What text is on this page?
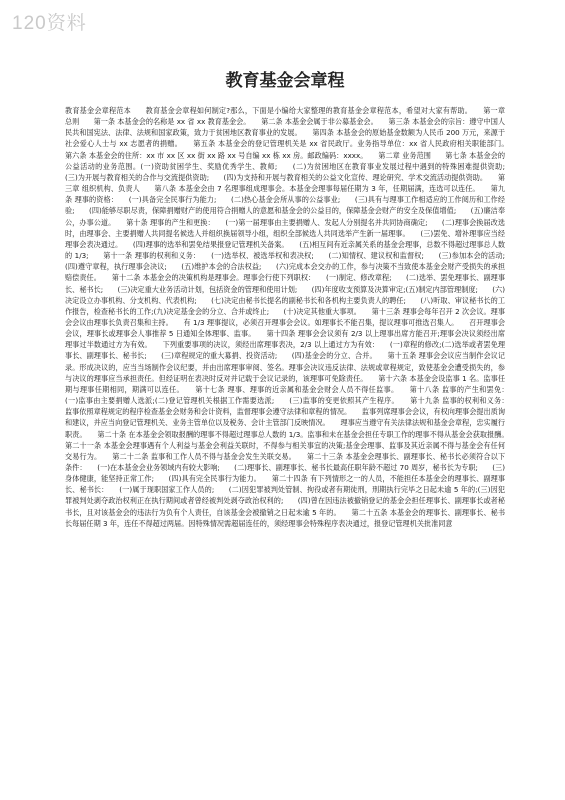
120资料
教育基金会章程

教育基金会章程范本　　教育基金会章程如何制定?那么，下面是小编给大家整理的教育基金会章程范本，希望对大家有帮助。　　第一章　总则　　第一条 本基金会的名称是 xx 省 xx 教育基金会。　　第二条 本基金会属于非公募基金会。　　第三条 本基金会的宗旨：遵守中国人民共和国宪法、法律、法规和国家政策，致力于贫困地区教育事业的发展。　　第四条 本基金会的原始基金数额为人民币 200 万元，来源于社会爱心人士与 xx 志愿者的捐赠。　　第五条 本基金会的登记管理机关是 xx 省民政厅。业务指导单位：xx 省人民政府相关职能部门。　　第六条 本基金会的住所：xx 市 xx 区 xx 街 xx 路 xx 号自编 xx 栋 xx 房。邮政编码：xxxx。　　第二章 业务范围　　第七条 本基金会的公益活动的业务范围。(一)资助贫困学生、奖励优秀学生、教师;　　(二)为贫困地区在教育事业发展过程中遇到的特殊困难提供资助;　　(三)为开展与教育相关的合作与交流提供资助;　　(四)为支持和开展与教育相关的公益文化宣传、理论研究、学术交流活动提供资助。　　第三章 组织机构、负责人　　第八条 本基金会由 7 名理事组成理事会。本基金会理事每届任期为 3 年，任期届满，连选可以连任。　　第九条 理事的资格：　　(一)具备完全民事行为能力;　　(二)热心基金会所从事的公益事业;　　(三)具有与理事工作相适应的工作阅历和工作经验;　　(四)能够尽职尽责，保障捐赠财产的使用符合捐赠人的意愿和基金会的公益目的，保障基金会财产的安全及保值增值;　　(五)廉洁奉公，办事公道。　　第十条 理事的产生和更换：　　(一)第一届理事由主要捐赠人、发起人分别提名并共同协商确定;　　(二)理事会换届改选时，由理事会、主要捐赠人共同提名候选人并组织换届领导小组，组织全部候选人共同选举产生新一届理事。　　(三)罢免、增补理事应当经理事会表决通过。　　(四)理事的选举和罢免结果报登记管理机关备案。　　(五)相互间有近亲属关系的基金会理事，总数不得超过理事总人数的 1/3;　　第十一条 理事的权利和义务：　　(一)选举权、被选举权和表决权;　　(二)知情权、建议权和监督权;　　(三)参加本会的活动;　　(四)遵守章程，执行理事会决议;　　(五)维护本会的合法权益;　　(六)完成本会交办的工作，参与决策不当致使本基金会财产受损失的承担赔偿责任。　　第十二条 本基金会的决策机构是理事会。理事会行使下列职权：　　(一)制定、修改章程;　　(二)选举、罢免理事长、副理事长、秘书长;　　(三)决定重大业务活动计划，包括资金的管理和使用计划;　　(四)年度收支预算及决算审定;(五)制定内部管理制度;　　(六)决定设立办事机构、分支机构、代表机构;　　(七)决定由秘书长提名的副秘书长和各机构主要负责人的聘任;　　(八)听取、审议秘书长的工作报告，检查秘书长的工作;(九)决定基金会的分立、合并或终止;　　(十)决定其他重大事项。　　第十三条 理事会每年召开 2 次会议。理事会会议由理事长负责召集和主持。　　有 1/3 理事提议，必须召开理事会会议。如理事长不能召集，提议理事可推选召集人。　　召开理事会会议，理事长或理事会人事推荐 5 日通知全体理事、监事。　　第十四条 理事会会议须有 2/3 以上理事出席方能召开;理事会决议须经出席理事过半数通过方为有效。　　下列重要事项的决议，须经出席理事表决，2/3 以上通过方为有效：　　(一)章程的修改;(二)选举或者罢免理事长、副理事长、秘书长;　　(三)章程规定的重大募捐、投资活动;　　(四)基金会的分立、合并。　　第十五条 理事会会议应当制作会议记录。形成决议的，应当当场制作会议纪要，并由出席理事审阅、签名。理事会决议违反法律、法规或章程规定，致使基金会遭受损失的，参与决议的理事应当承担责任。但经证明在表决时反对并记载于会议记录的，该理事可免除责任。　　第十六条 本基金会设监事 1 名。监事任期与理事任期相同，期满可以连任。　　第十七条 理事、理事的近亲属和基金会财会人员不得任监事。　　第十八条 监事的产生和罢免：　　(一)监事由主要捐赠人选派;(二)登记管理机关根据工作需要选派;　　(三)监事的变更依照其产生程序。　　第十九条 监事的权利和义务：　　监事依照章程规定的程序检查基金会财务和会计资料，监督理事会遵守法律和章程的情况。　　监事列席理事会会议，有权向理事会提出质询和建议，并应当向登记管理机关、业务主管单位以及税务、会计主管部门反映情况。　　理事应当遵守有关法律法规和基金会章程，忠实履行职责。　　第二十条 在本基金会领取报酬的理事不得超过理事总人数的 1/3。监事和未在基金会担任专职工作的理事不得从基金会获取报酬。　　第二十一条 本基金会理事遇有个人利益与基金会利益关联时，不得参与相关事宜的决策;基金会理事、监事及其近亲属不得与基金会有任何交易行为。　　第二十二条 监事和工作人员不得与基金会发生关联交易。　　第二十三条 本基金会理事长、副理事长、秘书长必须符合以下条件：　　(一)在本基金会业务领域内有较大影响;　　(二)理事长、副理事长、秘书长最高任职年龄不超过 70 周岁，秘书长为专职;　　(三)身体健康，能坚持正常工作;　　(四)具有完全民事行为能力。　　第二十四条 有下列情形之一的人员，不能担任本基金会的理事长、副理事长、秘书长：　　(一)属于现职国家工作人员的;　　(二)因犯罪被判处管制、拘役或者有期徒刑，刑期执行完毕之日起未逾 5 年的;(三)因犯罪被判处剥夺政治权利正在执行期间或者曾经被判处剥夺政治权利的;　　(四)曾在因违法被撤销登记的基金会担任理事长、副理事长或者秘书长，且对该基金会的违法行为负有个人责任，自该基金会被撤销之日起未逾 5 年的。　　第二十五条 本基金会的理事长、副理事长、秘书长每届任期 3 年，连任不得超过两届。因特殊情况需超届连任的，须经理事会特殊程序表决通过，报登记管理机关批准同意
